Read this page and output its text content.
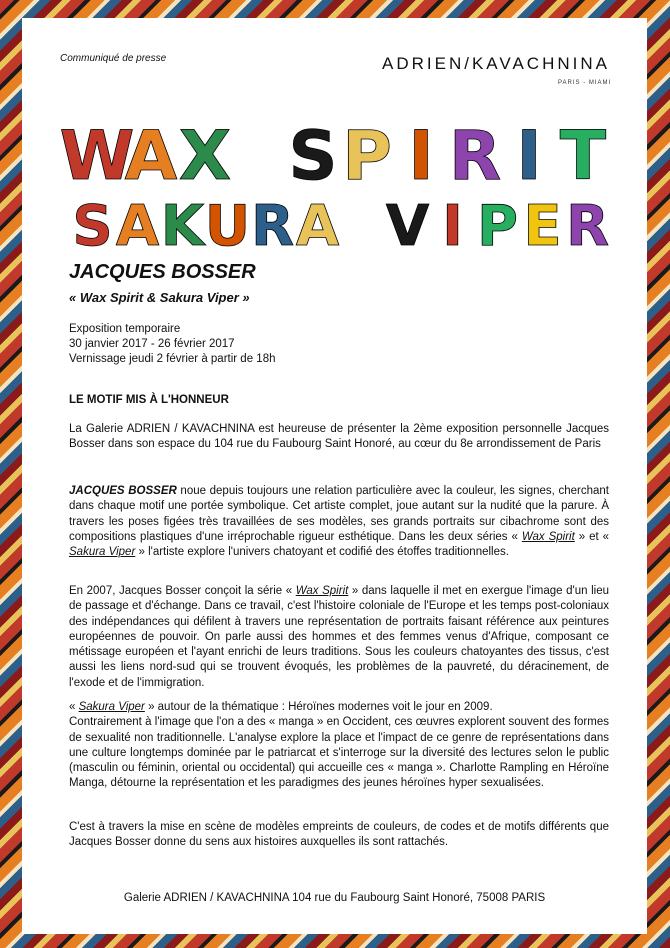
Communiqué de presse	ADRIEN/KAVACHNINA
PARIS - MIAMI
W
A X S P I R I T
S A K U R A V I P E R
JACQUES BOSSER
« Wax Spirit & Sakura Viper »
Exposition temporaire
30 janvier 2017 - 26 février 2017
Vernissage jeudi 2 février à partir de 18h
LE MOTIF MIS À L'HONNEUR

La Galerie ADRIEN / KAVACHNINA est heureuse de présenter la 2ème exposition personnelle Jacques Bosser dans son espace du 104 rue du Faubourg Saint Honoré, au cœur du 8e arrondissement de Paris

JACQUES BOSSER noue depuis toujours une relation particulière avec la couleur, les signes, cherchant dans chaque motif une portée symbolique. Cet artiste complet, joue autant sur la nudité que la parure. À travers les poses figées très travaillées de ses modèles, ses grands portraits sur cibachrome sont des compositions plastiques d'une irréprochable rigueur esthétique. Dans les deux séries « Wax Spirit » et « Sakura Viper » l'artiste explore l'univers chatoyant et codifié des étoffes traditionnelles.

En 2007, Jacques Bosser conçoit la série « Wax Spirit » dans laquelle il met en exergue l'image d'un lieu de passage et d'échange. Dans ce travail, c'est l'histoire coloniale de l'Europe et les temps post-coloniaux des indépendances qui défilent à travers une représentation de portraits faisant référence aux peintures européennes de pouvoir. On parle aussi des hommes et des femmes venus d'Afrique, composant ce métissage européen et l'ayant enrichi de leurs traditions. Sous les couleurs chatoyantes des tissus, c'est aussi les liens nord-sud qui se trouvent évoqués, les problèmes de la pauvreté, du déracinement, de l'exode et de l'immigration.

« Sakura Viper » autour de la thématique : Héroïnes modernes voit le jour en 2009.
Contrairement à l'image que l'on a des « manga » en Occident, ces œuvres explorent souvent des formes de sexualité non traditionnelle. L'analyse explore la place et l'impact de ce genre de représentations dans une culture longtemps dominée par le patriarcat et s'interroge sur la diversité des lectures selon le public (masculin ou féminin, oriental ou occidental) qui accueille ces « manga ». Charlotte Rampling en Héroïne Manga, détourne la représentation et les paradigmes des jeunes héroïnes hyper sexualisées.

C'est à travers la mise en scène de modèles empreints de couleurs, de codes et de motifs différents que Jacques Bosser donne du sens aux histoires auxquelles ils sont rattachés.

Galerie ADRIEN / KAVACHNINA 104 rue du Faubourg Saint Honoré, 75008 PARIS
